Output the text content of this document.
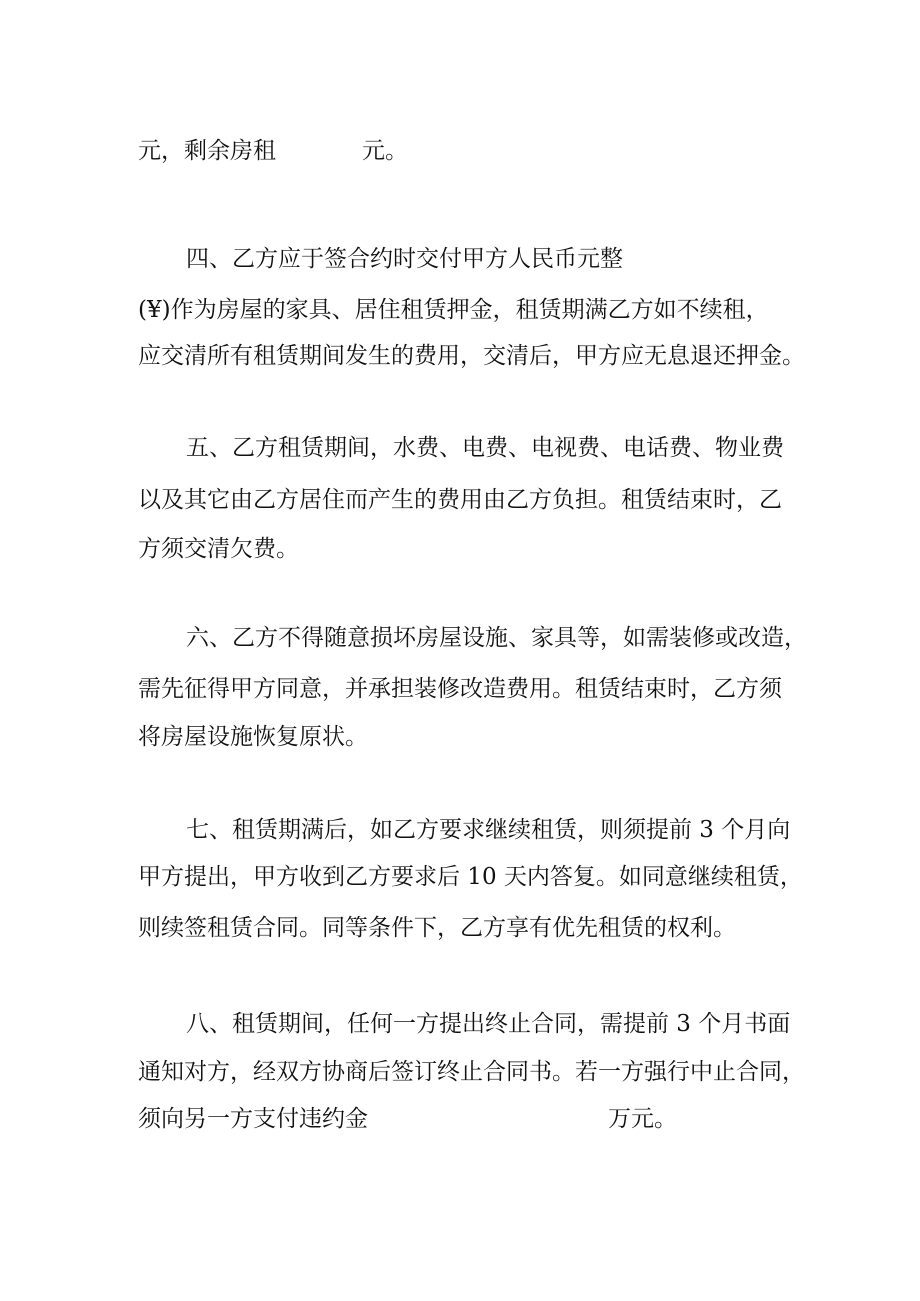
元，剩余房租	元。

四、乙方应于签合约时交付甲方人民币元整

(¥)作为房屋的家具、居住租赁押金，租赁期满乙方如不续租，

应交清所有租赁期间发生的费用，交清后，甲方应无息退还押金。

五、乙方租赁期间，水费、电费、电视费、电话费、物业费

以及其它由乙方居住而产生的费用由乙方负担。租赁结束时，乙

方须交清欠费。

六、乙方不得随意损坏房屋设施、家具等，如需装修或改造，

需先征得甲方同意，并承担装修改造费用。租赁结束时，乙方须

将房屋设施恢复原状。

七、租赁期满后，如乙方要求继续租赁，则须提前 3 个月向

甲方提出，甲方收到乙方要求后 10 天内答复。如同意继续租赁，

则续签租赁合同。同等条件下，乙方享有优先租赁的权利。

八、租赁期间，任何一方提出终止合同，需提前 3 个月书面

通知对方，经双方协商后签订终止合同书。若一方强行中止合同，

须向另一方支付违约金	万元。
